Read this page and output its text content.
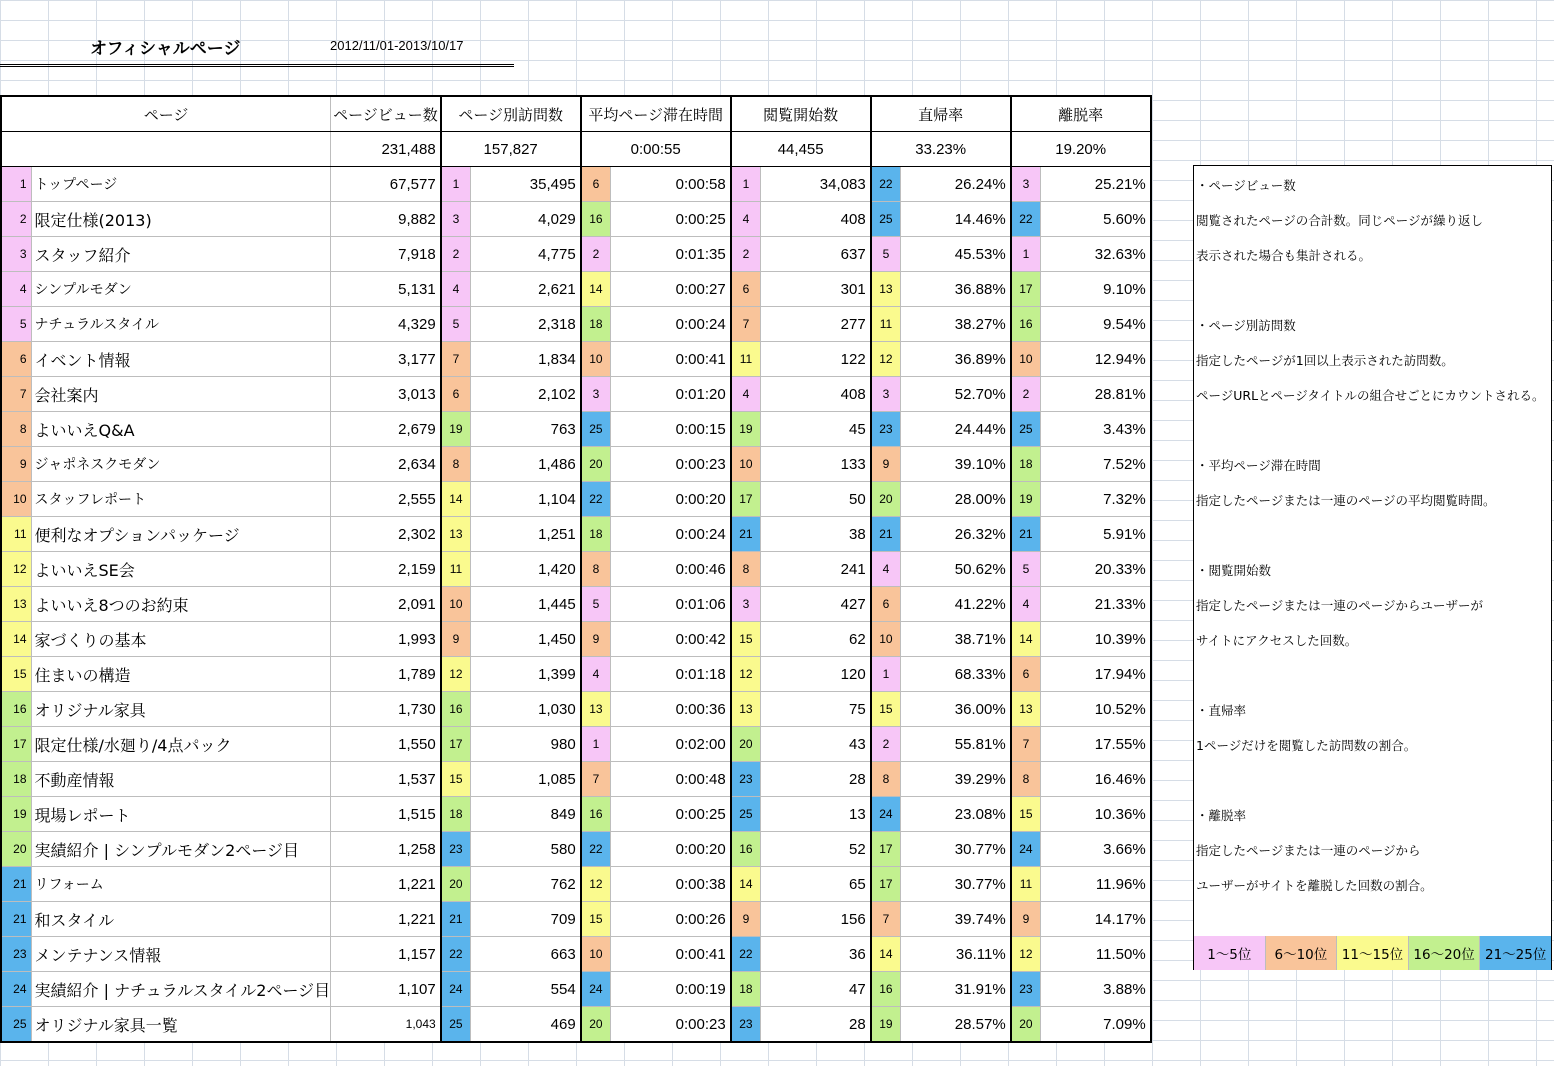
オフィシャルページ	2012/11/01-2013/10/17
ページ		ページビュー数	ページ別訪問数		平均ページ滞在時間		閲覧開始数		直帰率		離脱率	
		231,488	157,827		0:00:55		44,455		33.23%		19.20%	
1	トップページ	67,577	1	35,495	6	0:00:58	1	34,083	22	26.24%	3	25.21%
2	限定仕様(2013)	9,882	3	4,029	16	0:00:25	4	408	25	14.46%	22	5.60%
3	スタッフ紹介	7,918	2	4,775	2	0:01:35	2	637	5	45.53%	1	32.63%
4	シンプルモダン	5,131	4	2,621	14	0:00:27	6	301	13	36.88%	17	9.10%
5	ナチュラルスタイル	4,329	5	2,318	18	0:00:24	7	277	11	38.27%	16	9.54%
6	イベント情報	3,177	7	1,834	10	0:00:41	11	122	12	36.89%	10	12.94%
7	会社案内	3,013	6	2,102	3	0:01:20	4	408	3	52.70%	2	28.81%
8	よいいえQ&A	2,679	19	763	25	0:00:15	19	45	23	24.44%	25	3.43%
9	ジャポネスクモダン	2,634	8	1,486	20	0:00:23	10	133	9	39.10%	18	7.52%
10	スタッフレポート	2,555	14	1,104	22	0:00:20	17	50	20	28.00%	19	7.32%
11	便利なオプションパッケージ	2,302	13	1,251	18	0:00:24	21	38	21	26.32%	21	5.91%
12	よいいえSE会	2,159	11	1,420	8	0:00:46	8	241	4	50.62%	5	20.33%
13	よいいえ8つのお約束	2,091	10	1,445	5	0:01:06	3	427	6	41.22%	4	21.33%
14	家づくりの基本	1,993	9	1,450	9	0:00:42	15	62	10	38.71%	14	10.39%
15	住まいの構造	1,789	12	1,399	4	0:01:18	12	120	1	68.33%	6	17.94%
16	オリジナル家具	1,730	16	1,030	13	0:00:36	13	75	15	36.00%	13	10.52%
17	限定仕様/水廻り/4点パック	1,550	17	980	1	0:02:00	20	43	2	55.81%	7	17.55%
18	不動産情報	1,537	15	1,085	7	0:00:48	23	28	8	39.29%	8	16.46%
19	現場レポート	1,515	18	849	16	0:00:25	25	13	24	23.08%	15	10.36%
20	実績紹介 | シンプルモダン2ページ目	1,258	23	580	22	0:00:20	16	52	17	30.77%	24	3.66%
21	リフォーム	1,221	20	762	12	0:00:38	14	65	17	30.77%	11	11.96%
21	和スタイル	1,221	21	709	15	0:00:26	9	156	7	39.74%	9	14.17%
23	メンテナンス情報	1,157	22	663	10	0:00:41	22	36	14	36.11%	12	11.50%
24	実績紹介 | ナチュラルスタイル2ページ目	1,107	24	554	24	0:00:19	18	47	16	31.91%	23	3.88%
25	オリジナル家具一覧	1,043	25	469	20	0:00:23	23	28	19	28.57%	20	7.09%
・ページビュー数
閲覧されたページの合計数。同じページが繰り返し
表示された場合も集計される。
・ページ別訪問数
指定したページが1回以上表示された訪問数。
ページURLとページタイトルの組合せごとにカウントされる。
・平均ページ滞在時間
指定したページまたは一連のページの平均閲覧時間。
・閲覧開始数
指定したページまたは一連のページからユーザーが
サイトにアクセスした回数。
・直帰率
1ページだけを閲覧した訪問数の割合。
・離脱率
指定したページまたは一連のページから
ユーザーがサイトを離脱した回数の割合。
1～5位	6～10位	11～15位 16～20位 21～25位
